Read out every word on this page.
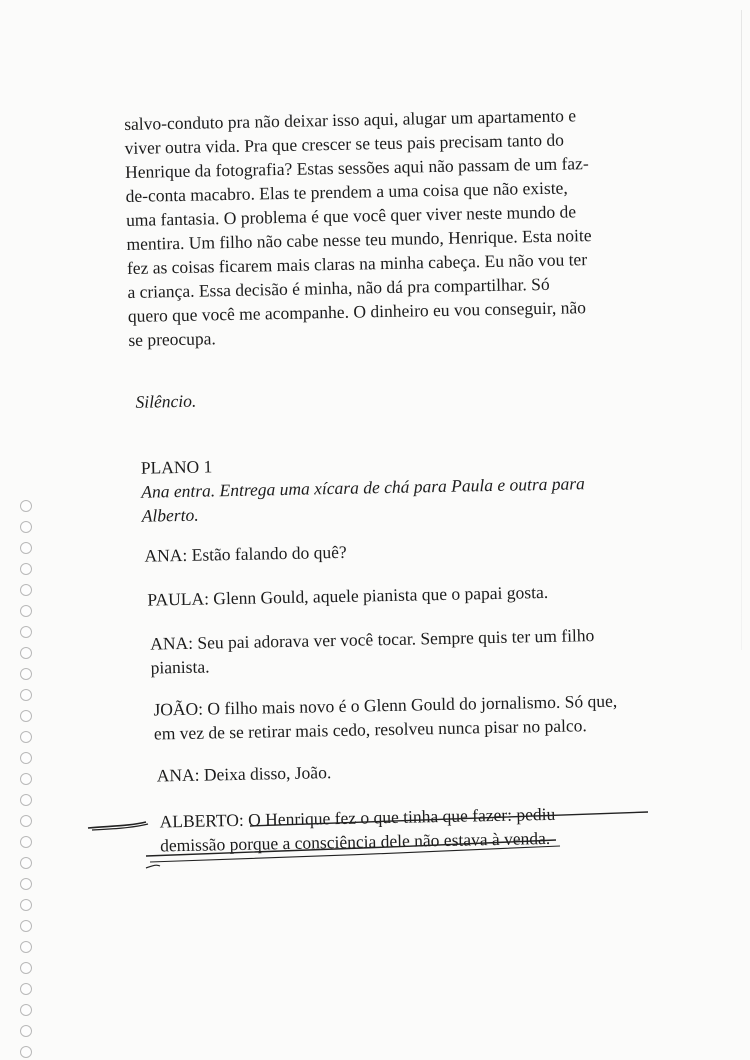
salvo-conduto pra não deixar isso aqui, alugar um apartamento e
viver outra vida. Pra que crescer se teus pais precisam tanto do
Henrique da fotografia? Estas sessões aqui não passam de um faz-
de-conta macabro. Elas te prendem a uma coisa que não existe,
uma fantasia. O problema é que você quer viver neste mundo de
mentira. Um filho não cabe nesse teu mundo, Henrique. Esta noite
fez as coisas ficarem mais claras na minha cabeça. Eu não vou ter
a criança. Essa decisão é minha, não dá pra compartilhar. Só
quero que você me acompanhe. O dinheiro eu vou conseguir, não
se preocupa.
Silêncio.
PLANO 1
Ana entra. Entrega uma xícara de chá para Paula e outra para
Alberto.
ANA: Estão falando do quê?
PAULA: Glenn Gould, aquele pianista que o papai gosta.
ANA: Seu pai adorava ver você tocar. Sempre quis ter um filho
pianista.
JOÃO: O filho mais novo é o Glenn Gould do jornalismo. Só que,
em vez de se retirar mais cedo, resolveu nunca pisar no palco.
ANA: Deixa disso, João.
ALBERTO: O Henrique fez o que tinha que fazer: pediu
demissão porque a consciência dele não estava à venda.
